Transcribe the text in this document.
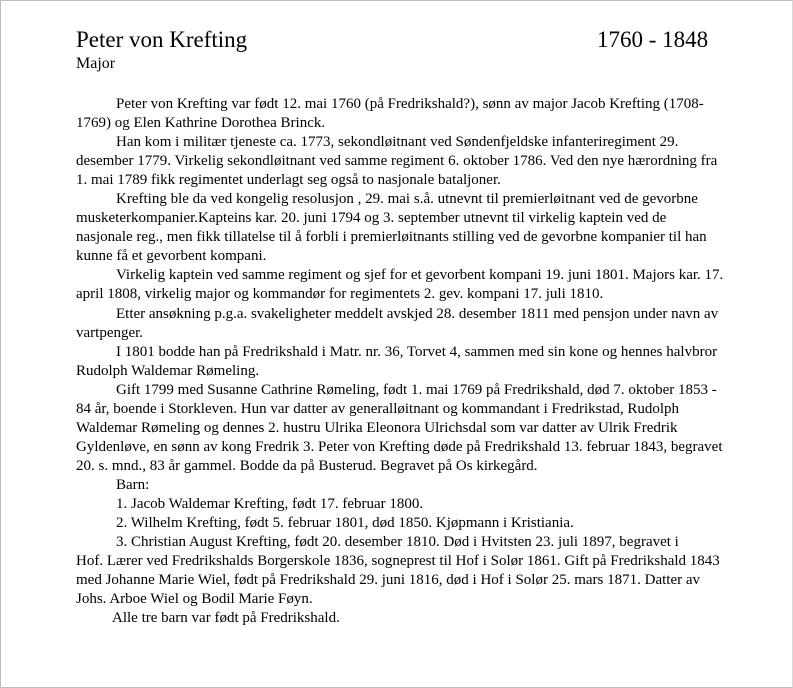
Peter von Krefting	1760 - 1848
Major

Peter von Krefting var født 12. mai 1760 (på Fredrikshald?), sønn av major Jacob Krefting (1708-1769) og Elen Kathrine Dorothea Brinck.

Han kom i militær tjeneste ca. 1773, sekondløitnant ved Søndenfjeldske infanteriregiment 29. desember 1779. Virkelig sekondløitnant ved samme regiment 6. oktober 1786. Ved den nye hærordning fra 1. mai 1789 fikk regimentet underlagt seg også to nasjonale bataljoner.

Krefting ble da ved kongelig resolusjon , 29. mai s.å. utnevnt til premierløitnant ved de gevorbne musketerkompanier.Kapteins kar. 20. juni 1794 og 3. september utnevnt til virkelig kaptein ved de nasjonale reg., men fikk tillatelse til å forbli i premierløitnants stilling ved de gevorbne kompanier til han kunne få et gevorbent kompani.

Virkelig kaptein ved samme regiment og sjef for et gevorbent kompani 19. juni 1801. Majors kar. 17. april 1808, virkelig major og kommandør for regimentets 2. gev. kompani 17. juli 1810.

Etter ansøkning p.g.a. svakeligheter meddelt avskjed 28. desember 1811 med pensjon under navn av vartpenger.

I 1801 bodde han på Fredrikshald i Matr. nr. 36, Torvet 4, sammen med sin kone og hennes halvbror Rudolph Waldemar Rømeling.

Gift 1799 med Susanne Cathrine Rømeling, født 1. mai 1769 på Fredrikshald, død 7. oktober 1853 - 84 år, boende i Storkleven. Hun var datter av generalløitnant og kommandant i Fredrikstad, Rudolph Waldemar Rømeling og dennes 2. hustru Ulrika Eleonora Ulrichsdal som var datter av Ulrik Fredrik Gyldenløve, en sønn av kong Fredrik 3. Peter von Krefting døde på Fredrikshald 13. februar 1843, begravet 20. s. mnd., 83 år gammel. Bodde da på Busterud. Begravet på Os kirkegård.

Barn:

1. Jacob Waldemar Krefting, født 17. februar 1800.

2. Wilhelm Krefting, født 5. februar 1801, død 1850. Kjøpmann i Kristiania.

3. Christian August Krefting, født 20. desember 1810. Død i Hvitsten 23. juli 1897, begravet i

Hof. Lærer ved Fredrikshalds Borgerskole 1836, sogneprest til Hof i Solør 1861. Gift på Fredrikshald 1843 med Johanne Marie Wiel, født på Fredrikshald 29. juni 1816, død i Hof i Solør 25. mars 1871. Datter av Johs. Arboe Wiel og Bodil Marie Føyn.

Alle tre barn var født på Fredrikshald.
